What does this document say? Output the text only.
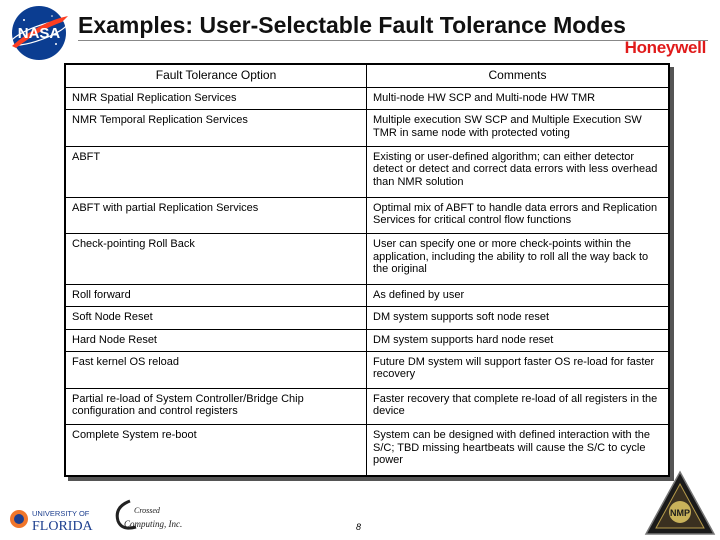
NASA Examples: User-Selectable Fault Tolerance Modes
Honeywell
Fault Tolerance Option	Comments
NMR Spatial Replication Services	Multi-node HW SCP and Multi-node HW TMR
NMR Temporal Replication Services	Multiple execution SW SCP and Multiple Execution SW TMR in same node with protected voting
ABFT	Existing or user-defined algorithm; can either detector detect or detect and correct data errors with less overhead than NMR solution
ABFT with partial Replication Services	Optimal mix of ABFT to handle data errors and Replication Services for critical control flow functions
Check-pointing Roll Back	User can specify one or more check-points within the application, including the ability to roll all the way back to the original
Roll forward	As defined by user
Soft Node Reset	DM system supports soft node reset
Hard Node Reset	DM system supports hard node reset
Fast kernel OS reload	Future DM system will support faster OS re-load for faster recovery
Partial re-load of System Controller/Bridge Chip configuration and control registers	Faster recovery that complete re-load of all registers in the device
Complete System re-boot	System can be designed with defined interaction with the S/C; TBD missing heartbeats will cause the S/C to cycle power
UNIVERSITY OF
FLORIDA
Crossed
Computing, Inc.	8
NMP
